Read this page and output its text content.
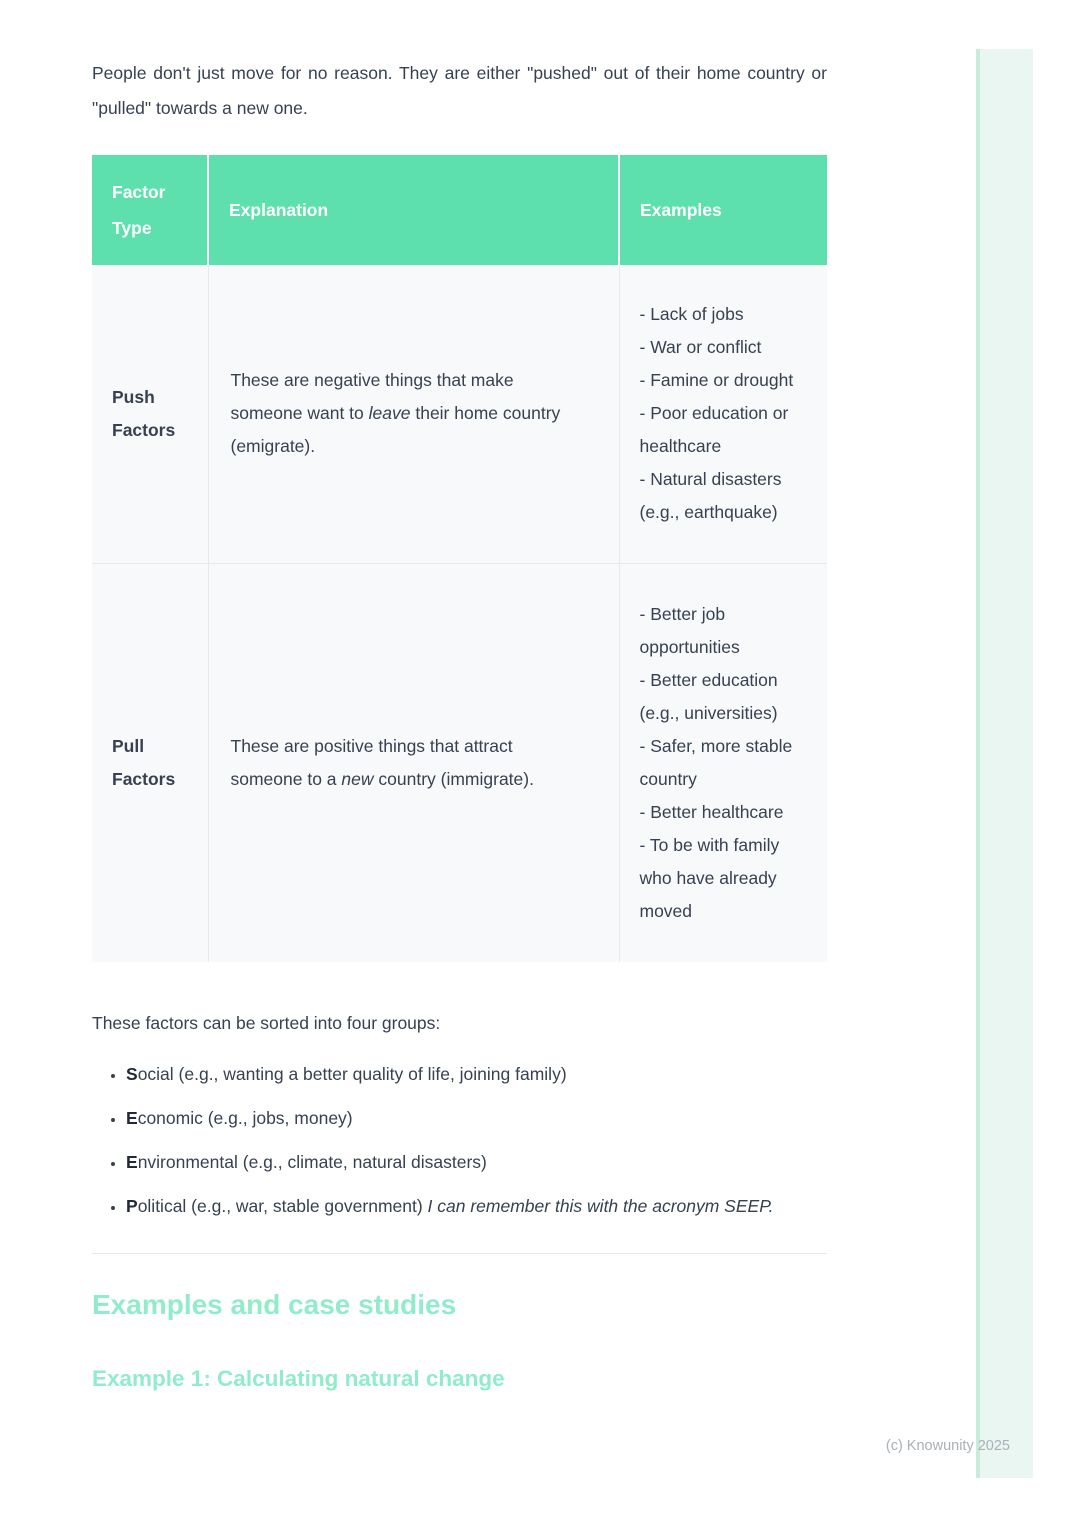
People don't just move for no reason. They are either "pushed" out of their home country or "pulled" towards a new one.

Factor Type	Explanation	Examples
Push Factors	These are negative things that make someone want to leave their home country (emigrate).	- Lack of jobs
- War or conflict
- Famine or drought
- Poor education or healthcare
- Natural disasters (e.g., earthquake)

Pull Factors	These are positive things that attract someone to a new country (immigrate).	- Better job opportunities
- Better education (e.g., universities)
- Safer, more stable country
- Better healthcare
- To be with family who have already moved

These factors can be sorted into four groups:

• Social (e.g., wanting a better quality of life, joining family)
• Economic (e.g., jobs, money)
• Environmental (e.g., climate, natural disasters)
• Political (e.g., war, stable government) I can remember this with the acronym SEEP.
Examples and case studies
Example 1: Calculating natural change
(c) Knowunity 2025
